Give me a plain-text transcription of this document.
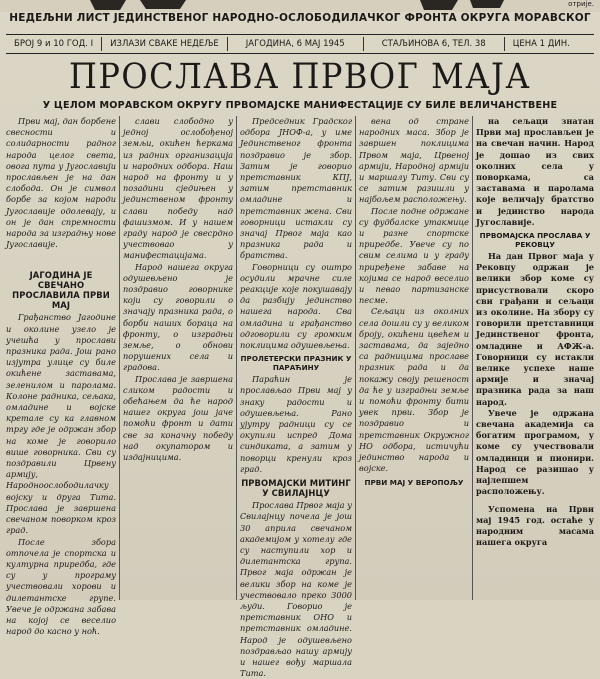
отрије.
НЕДЕЉНИ ЛИСТ ЈЕДИНСТВЕНОГ НАРОДНО-ОСЛОБОДИЛАЧКОГ ФРОНТА ОКРУГА МОРАВСКОГ
БРОЈ 9 и 10 ГОД. I	ИЗЛАЗИ СВАКЕ НЕДЕЉЕ	ЈАГОДИНА, 6 МАЈ 1945	СТАЉИНОВА 6, ТЕЛ. 38	ЦЕНА 1 ДИН.
ПРОСЛАВА ПРВОГ МАЈА
У ЦЕЛОМ МОРАВСКОМ ОКРУГУ ПРВОМАЈСКЕ МАНИФЕСТАЦИЈЕ СУ БИЛЕ ВЕЛИЧАНСТВЕНЕ

Први мај, дан борбене свесности и солидарности радног народа целог света, овога пута у Југославији прослављен је на дан слобода. Он је символ борбе за којом народи Југославије одолевају, и он је дан спремности народа за изградњу нове Југославије.

ЈАГОДИНА ЈЕ СВЕЧАНО ПРОСЛАВИЛА ПРВИ МАЈ

Грађанство Јагодине и околине узело је учешћа у прослави празника рада. Још рано изјутра улице су биле окићене заставама, зеленилом и паролама. Колоне радника, сељака, омладине и војске кретале су ка главном тргу где је одржан збор на коме је говорило више говорника. Сви су поздравили Црвену армију, Народноослободилачку војску и друга Тита. Прослава је завршена свечаном поворком кроз град.

После збора отпочела је спортска и културна приредба, где су у програму учествовали хорови и дилетантске групе. Увече је одржана забава на којој се веселио народ до касно у ноћ.

слави слободно у једној ослобођеној земљи, окићен ћеркама из радних организација и народних одбора. Наш народ на фронту и у позадини сједињен у јединственом фронту слави победу над фашизмом. И у нашем граду народ је свесрдно учествовао у манифестацијама.

Народ нашега округа одушевљено је поздравио говорнике који су говорили о значају празника рада, о борби наших бораца на фронту, о изградњи земље, о обнови порушених села и градова.

Прослава је завршена сликом радости и обећањем да ће народ нашег округа још јаче помоћи фронт и дати све за коначну победу над окупатором и издајницима.

Председник Градског одбора ЈНОФ-а, у име Јединственог фронта поздравио је збор. Затим је говорио претставник КПЈ, затим претставник омладине и претставник жена. Сви говорници истакли су значај Првог маја као празника рада и братства.

Говорници су оштро осудили мрачне силе реакције које покушавају да разбију јединство нашега народа. Сва омладина и грађанство одговорили су громким поклицима одушевљења.

ПРОЛЕТЕРСКИ ПРАЗНИК У ПАРАЋИНУ

Параћин је прослављао Први мај у знаку радости и одушевљења. Рано ујутру радници су се окупили испред Дома синдиката, а затим у поворци кренули кроз град.

ПРВОМАЈСКИ МИТИНГ У СВИЛАЈНЦУ

Прослава Првог маја у Свилајнцу почела је још 30 априла свечаном академијом у хотелу где су наступили хор и дилетантска група. Првог маја одржан је велики збор на коме је учествовало преко 3000 људи. Говорио је претставник ОНО и претставник омладине. Народ је одушевљено поздрављао нашу армију и нашег вођу маршала Тита.

вена од стране народних маса. Збор је завршен поклицима Првом маја, Црвеној армији, Народној армији и маршалу Титу. Сви су се затим разишли у најбољем расположењу.

После подне одржане су фудбалске утакмице и разне спортске приредбе. Увече су по свим селима и у граду приређене забаве на којима се народ веселио и певао партизанске песме.

Сељаци из околних села дошли су у великом броју, окићени цвећем и заставама, да заједно са радницима прославе празник рада и да покажу своју решеност да ће у изградњи земље и помоћи фронту бити увек први. Збор је поздравио и претставник Окружног НО одбора, истичући јединство народа и војске.

ПРВИ МАЈ У ВЕРОПОЉУ

на сељаци знатан Први мај прослављен је на свечан начин. Народ је дошао из свих околних села у поворкама, са заставама и паролама које величају братство и јединство народа Југославије.

ПРВОМАЈСКА ПРОСЛАВА У РЕКОВЦУ

На дан Првог маја у Рековцу одржан је велики збор коме су присуствовали скоро сви грађани и сељаци из околине. На збору су говорили претставници Јединственог фронта, омладине и АФЖ-а. Говорници су истакли велике успехе наше армије и значај празника рада за наш народ.

Увече је одржана свечана академија са богатим програмом, у коме су учествовали омладинци и пионири. Народ се разишао у најлепшем расположењу.

Успомена на Први мај 1945 год. остаће у народним масама нашега округа
